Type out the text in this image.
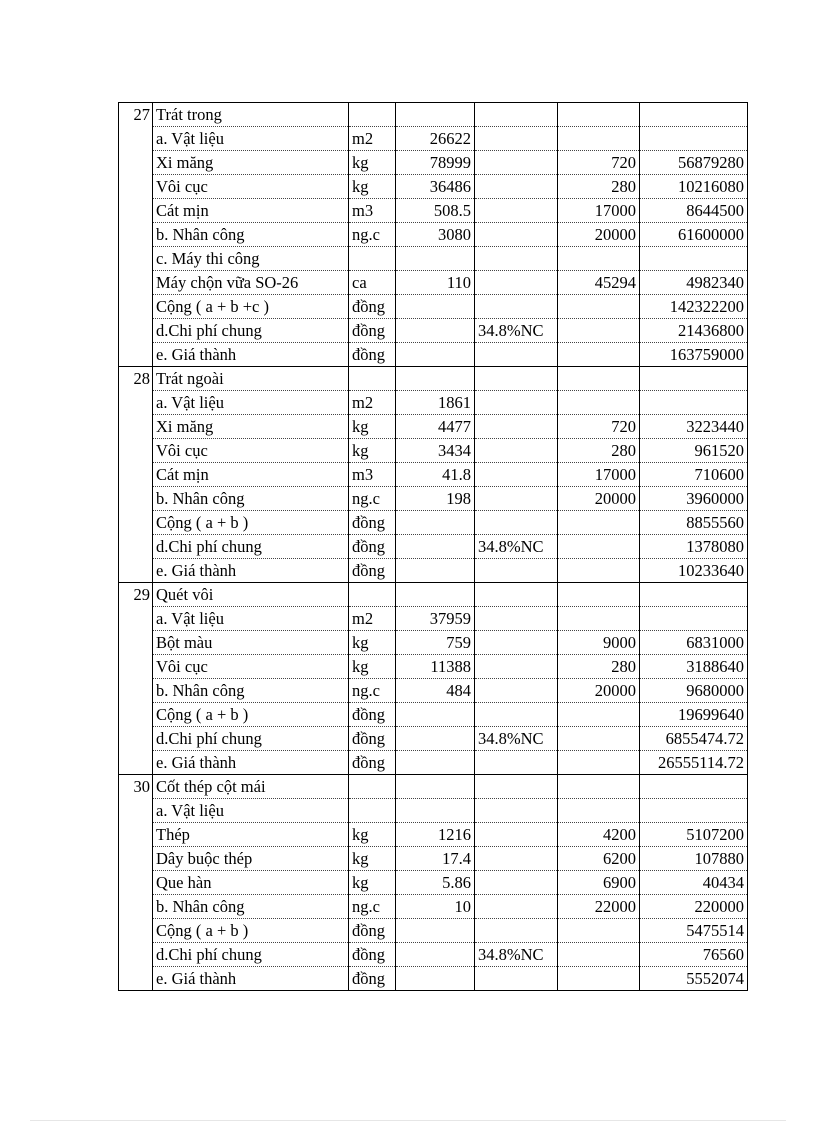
27	Trát trong					
	a. Vật liệu	m2	26622			
	Xi măng	kg	78999		720	56879280
	Vôi cục	kg	36486		280	10216080
	Cát mịn	m3	508.5		17000	8644500
	b. Nhân công	ng.c	3080		20000	61600000
	c. Máy thi công					
	Máy chộn vữa SO-26	ca	110		45294	4982340
	Cộng ( a + b +c )	đồng				142322200
	d.Chi phí chung	đồng		34.8%NC		21436800
	e. Giá thành	đồng				163759000
28	Trát ngoài					
	a. Vật liệu	m2	1861			
	Xi măng	kg	4477		720	3223440
	Vôi cục	kg	3434		280	961520
	Cát mịn	m3	41.8		17000	710600
	b. Nhân công	ng.c	198		20000	3960000
	Cộng ( a + b )	đồng				8855560
	d.Chi phí chung	đồng		34.8%NC		1378080
	e. Giá thành	đồng				10233640
29	Quét vôi					
	a. Vật liệu	m2	37959			
	Bột màu	kg	759		9000	6831000
	Vôi cục	kg	11388		280	3188640
	b. Nhân công	ng.c	484		20000	9680000
	Cộng ( a + b )	đồng				19699640
	d.Chi phí chung	đồng		34.8%NC		6855474.72
	e. Giá thành	đồng				26555114.72
30	Cốt thép cột mái					
	a. Vật liệu					
	Thép	kg	1216		4200	5107200
	Dây buộc thép	kg	17.4		6200	107880
	Que hàn	kg	5.86		6900	40434
	b. Nhân công	ng.c	10		22000	220000
	Cộng ( a + b )	đồng				5475514
	d.Chi phí chung	đồng		34.8%NC		76560
	e. Giá thành	đồng				5552074
